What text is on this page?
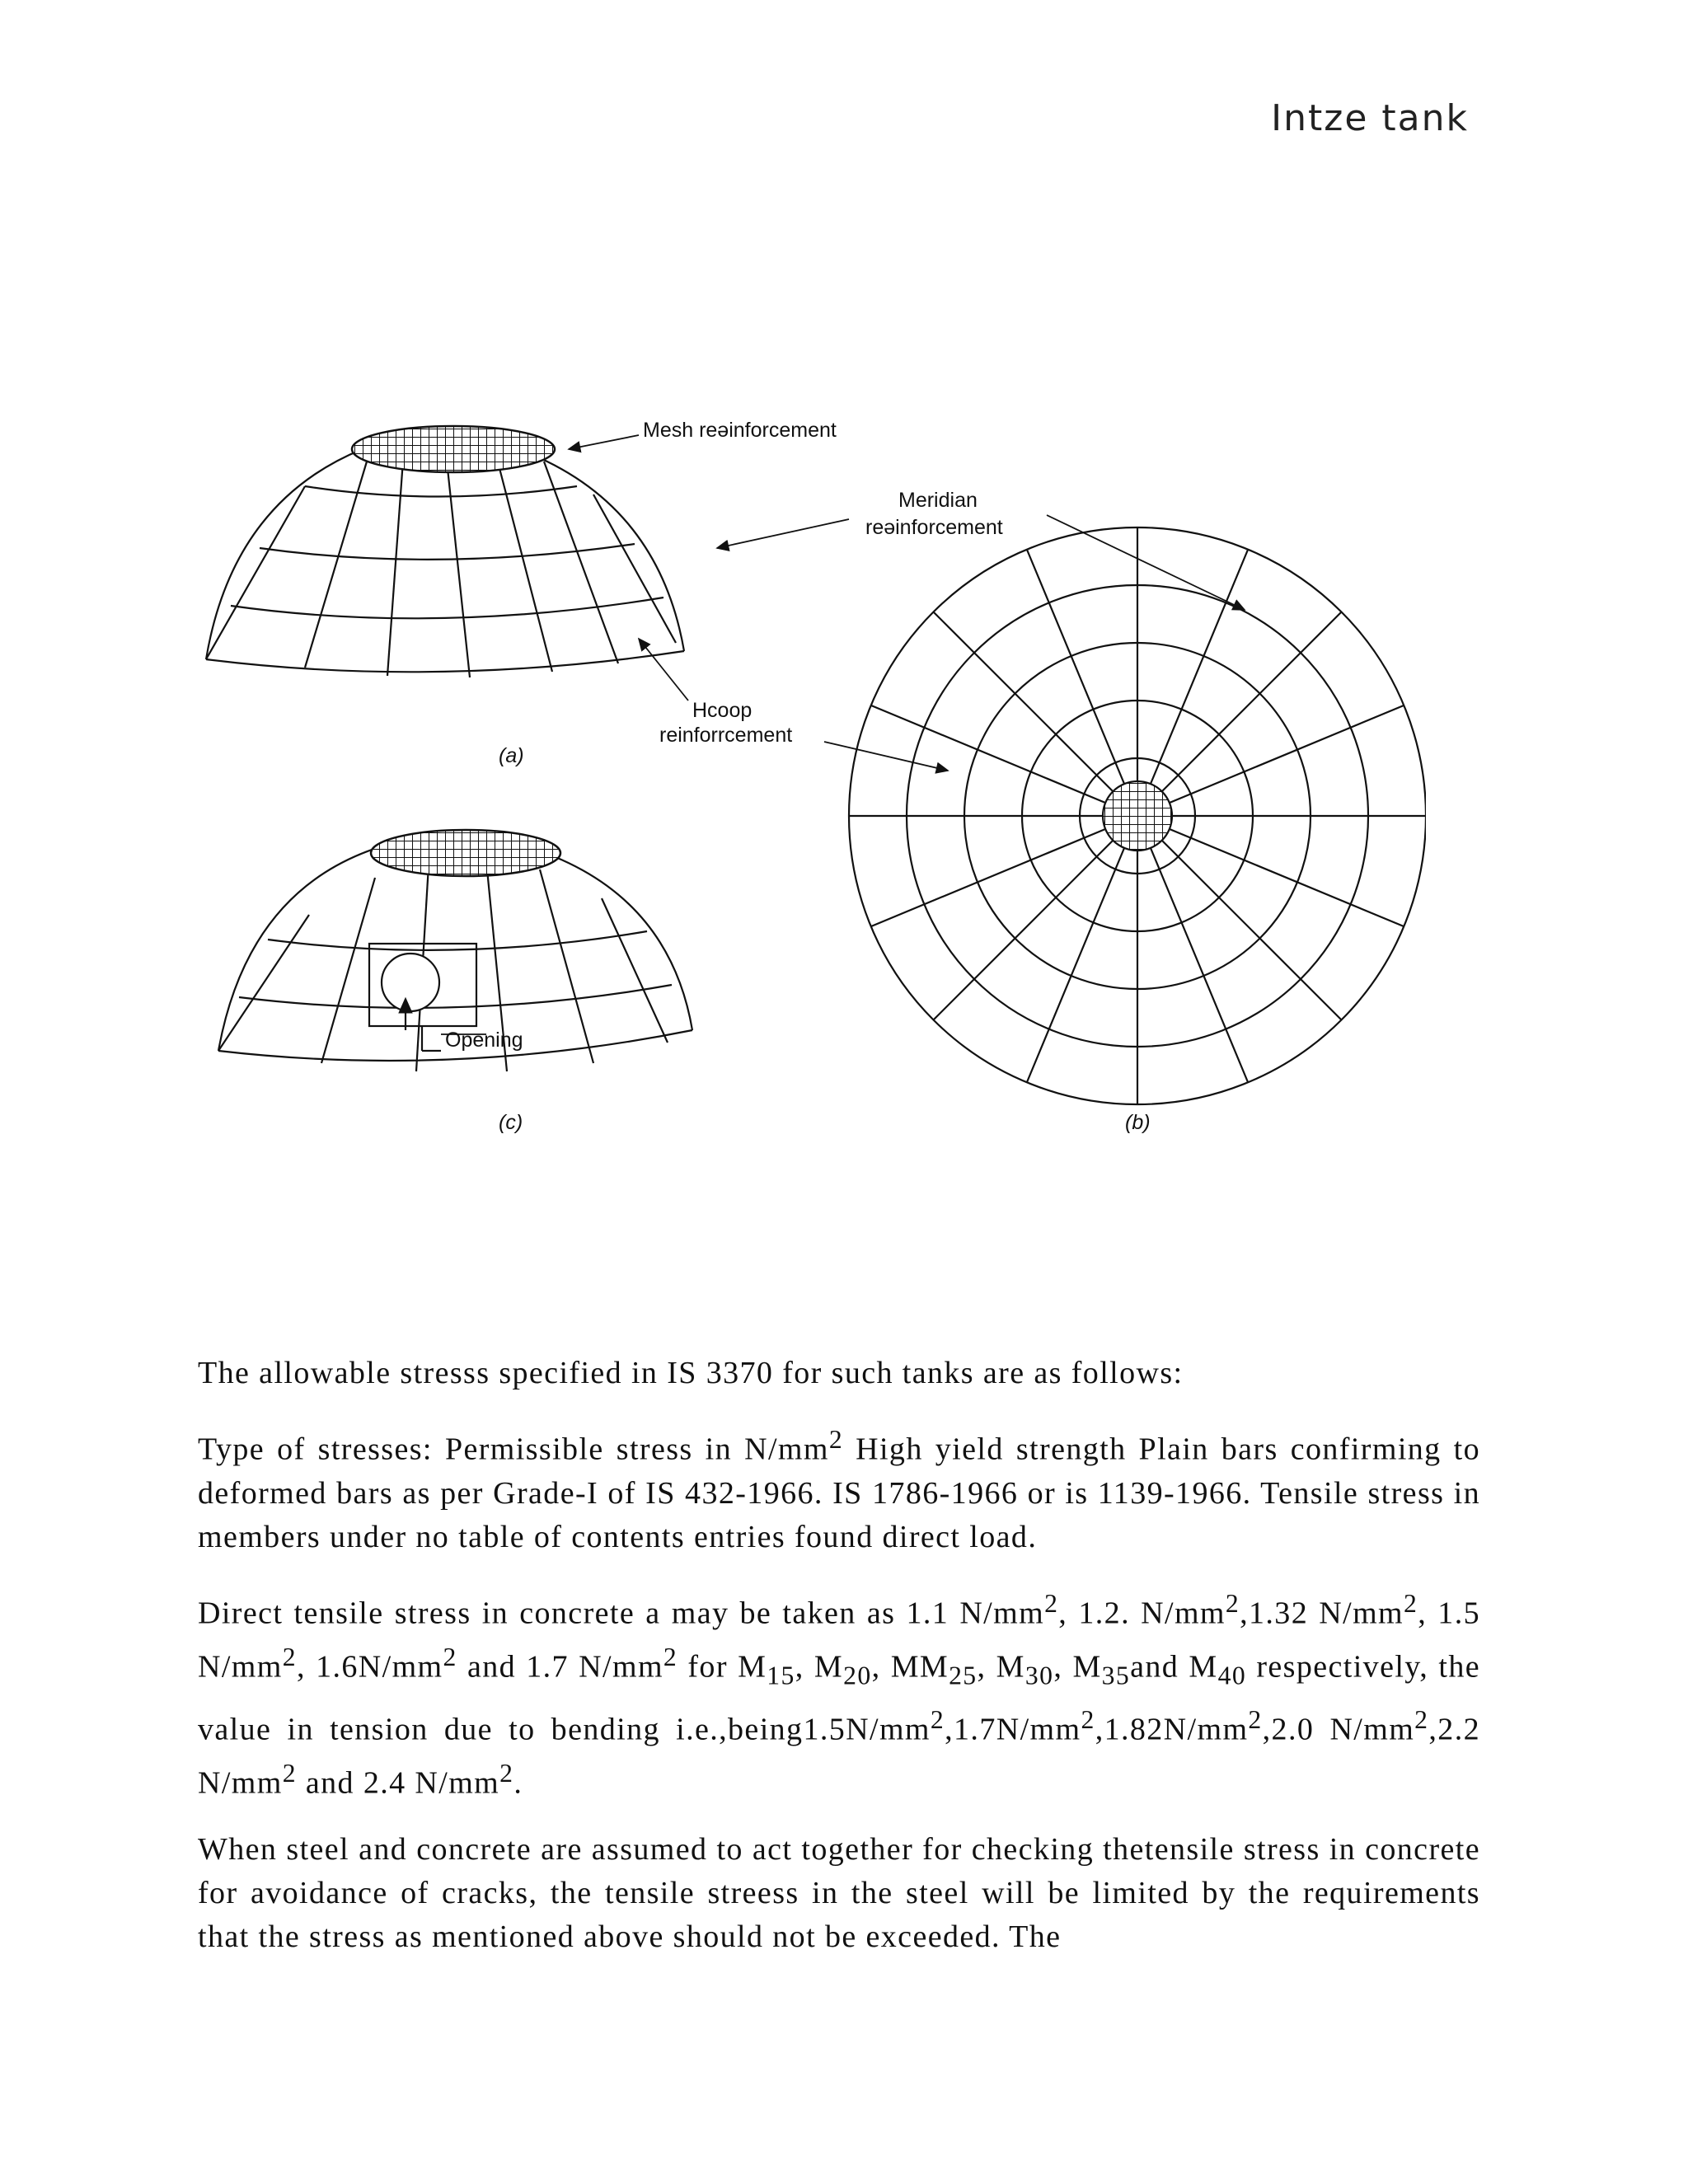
Intze tank
Mesh reəinforcement
Meridian
reəinforcement
Hcoop
reinforrcement
Opening
(a)
(b)
(c)

The allowable stresss specified in IS 3370 for such tanks are as follows:

Type of stresses: Permissible stress in $N/mm^2$ High yield strength Plain bars confirming to deformed bars as per Grade-I of IS 432-1966. IS 1786-1966 or is 1139-1966. Tensile stress in members under no table of contents entries found direct load.

Direct tensile stress in concrete a may be taken as 1.1 $N/mm^2$, 1.2. $N/mm^2,1.32$ $N/mm^2$, 1.5 $N/mm^2$, $1.6N/mm^2$ and 1.7 $N/mm^2$ for $M_{15}$, $M_{20}$, $MM_{25}$, $M_{30}$, $M_{35}and$ $M_{40}$ respectively, the value in tension due to bending $i.e.,being1.5N/mm^2,1.7N/mm^2,1.82N/mm^2,2.0$ $N/mm^2,2.2$ $N/mm^2$ and 2.4 $N/mm^2$.

When steel and concrete are assumed to act together for checking thetensile stress in concrete for avoidance of cracks, the tensile streess in the steel will be limited by the requirements that the stress as mentioned above should not be exceeded. The
